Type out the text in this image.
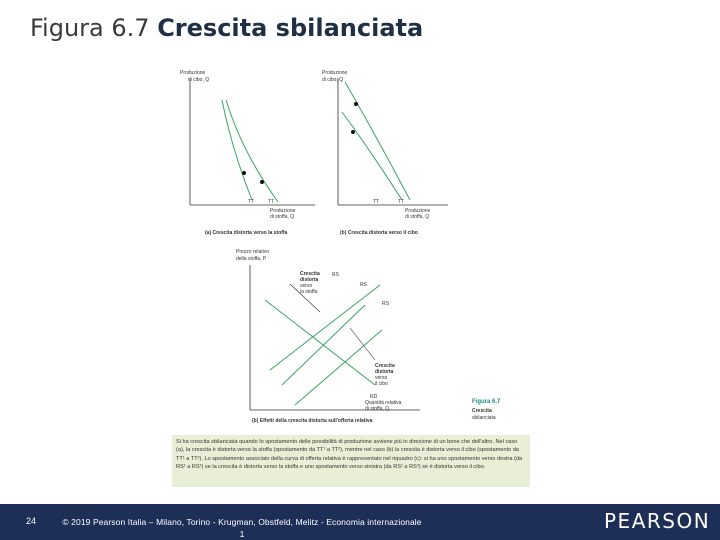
Figura 6.7 Crescita sbilanciata
Produzione
di cibo, Q
TT	TT
Produzione
di stoffa, Q
(a) Crescita distorta verso la stoffa
Produzione
di cibo, Q
TT	TT
Produzione
di stoffa, Q
(b) Crescita distorta verso il cibo
Prezzo relativo
della stoffa, P
Crescita
distorta
verso
la stoffa
RS
RS
RS
Crescita
distorta
verso
il cibo
RD
Quantità relativa
di stoffa, Q
(b) Effetti della crescita distorta sull'offerta relativa
Figura 6.7
Crescita
sbilanciata
Si ha crescita sbilanciata quando lo spostamento delle possibilità di produzione avviene più in direzione di un bene che dell'altro. Nel caso (a), la crescita è distorta verso la stoffa (spostamento da TT¹ a TT²), mentre nel caso (b) la crescita è distorta verso il cibo (spostamento da TT¹ a TT³). Lo spostamento associato della curva di offerta relativa è rappresentato nel riquadro (c): si ha uno spostamento verso destra (da RS¹ a RS²) se la crescita è distorta verso la stoffa e uno spostamento verso sinistra (da RS¹ a RS³) se è distorta verso il cibo.
24	© 2019 Pearson Italia – Milano, Torino - Krugman, Obstfeld, Melitz - Economia internazionale 1
PEARSON
